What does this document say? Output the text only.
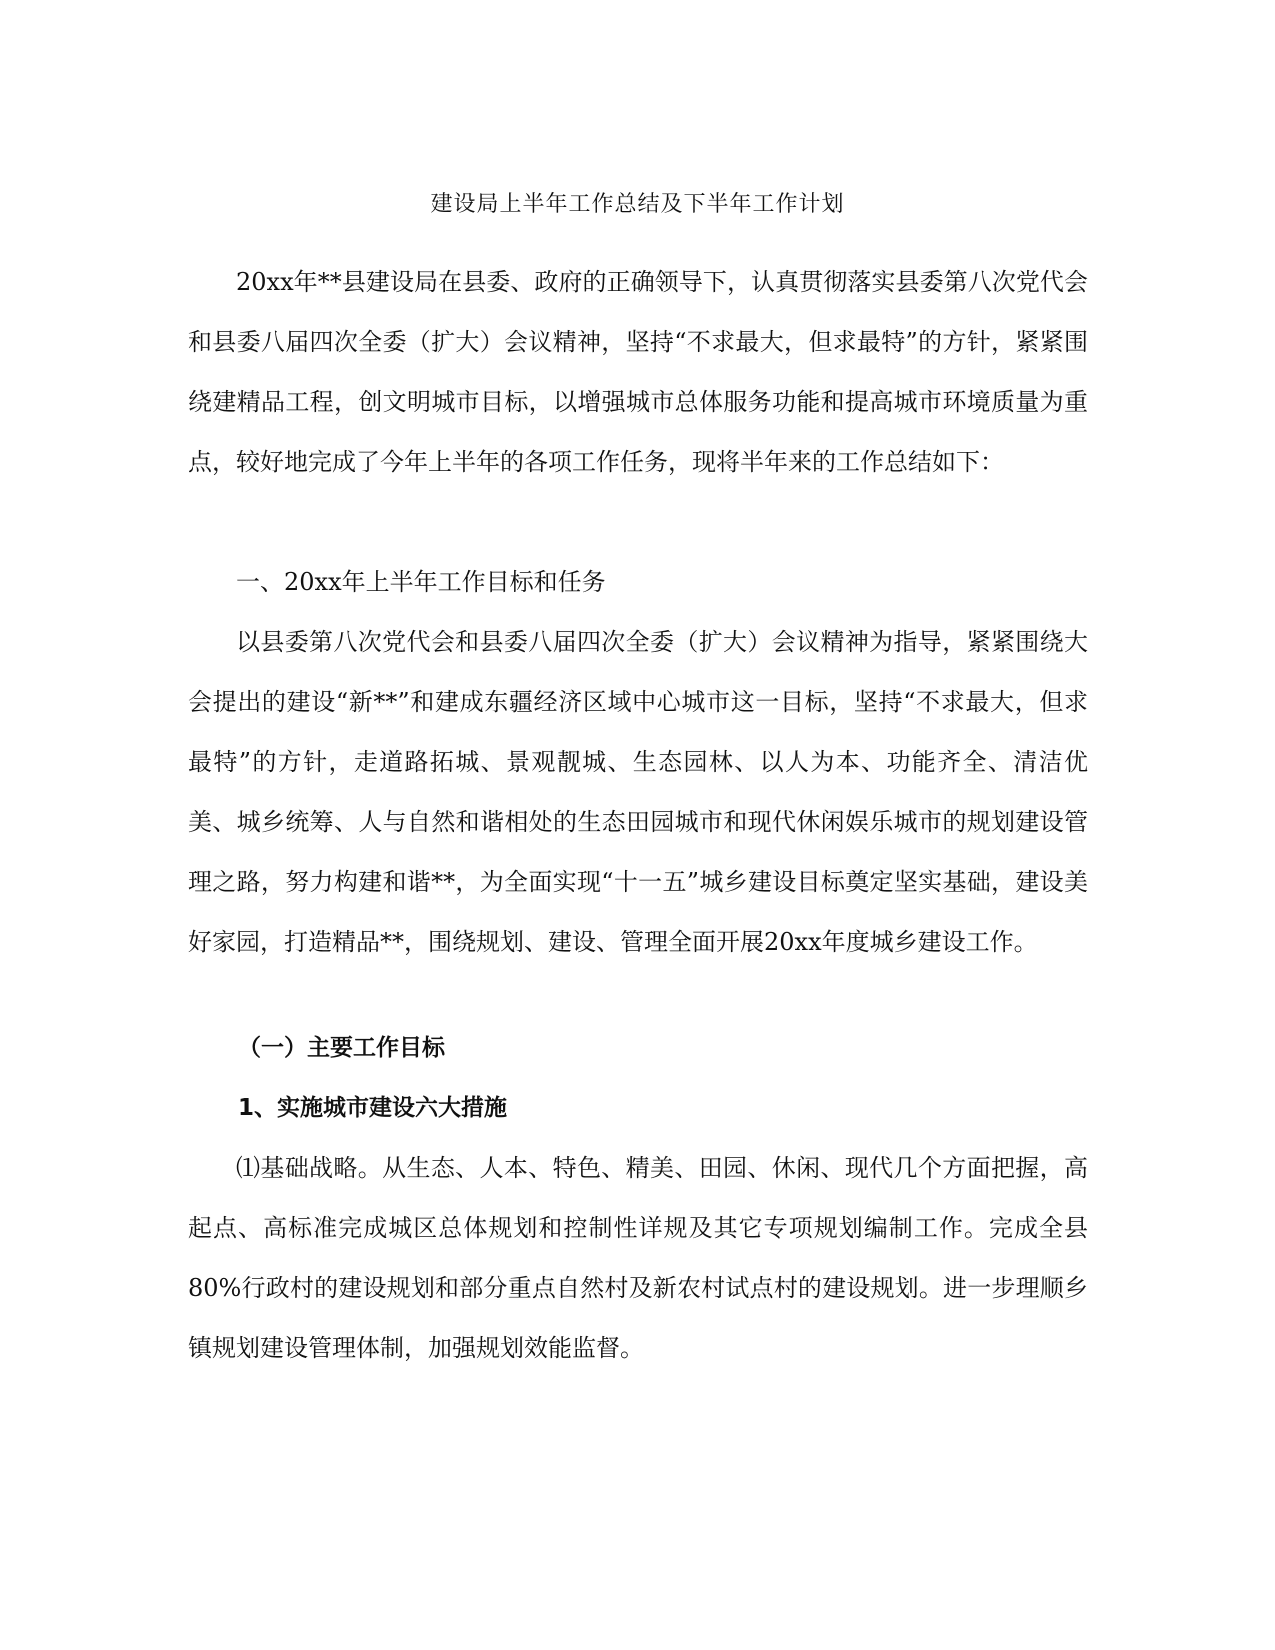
建设局上半年工作总结及下半年工作计划

20xx年**县建设局在县委、政府的正确领导下，认真贯彻落实县委第八次党代会和县委八届四次全委（扩大）会议精神，坚持“不求最大，但求最特”的方针，紧紧围绕建精品工程，创文明城市目标，以增强城市总体服务功能和提高城市环境质量为重点，较好地完成了今年上半年的各项工作任务，现将半年来的工作总结如下：

一、20xx年上半年工作目标和任务

以县委第八次党代会和县委八届四次全委（扩大）会议精神为指导，紧紧围绕大会提出的建设“新**”和建成东疆经济区域中心城市这一目标，坚持“不求最大，但求最特”的方针，走道路拓城、景观靓城、生态园林、以人为本、功能齐全、清洁优美、城乡统筹、人与自然和谐相处的生态田园城市和现代休闲娱乐城市的规划建设管理之路，努力构建和谐**，为全面实现“十一五”城乡建设目标奠定坚实基础，建设美好家园，打造精品**，围绕规划、建设、管理全面开展20xx年度城乡建设工作。

（一）主要工作目标
1、实施城市建设六大措施

⑴基础战略。从生态、人本、特色、精美、田园、休闲、现代几个方面把握，高起点、高标准完成城区总体规划和控制性详规及其它专项规划编制工作。完成全县80%行政村的建设规划和部分重点自然村及新农村试点村的建设规划。进一步理顺乡镇规划建设管理体制，加强规划效能监督。
